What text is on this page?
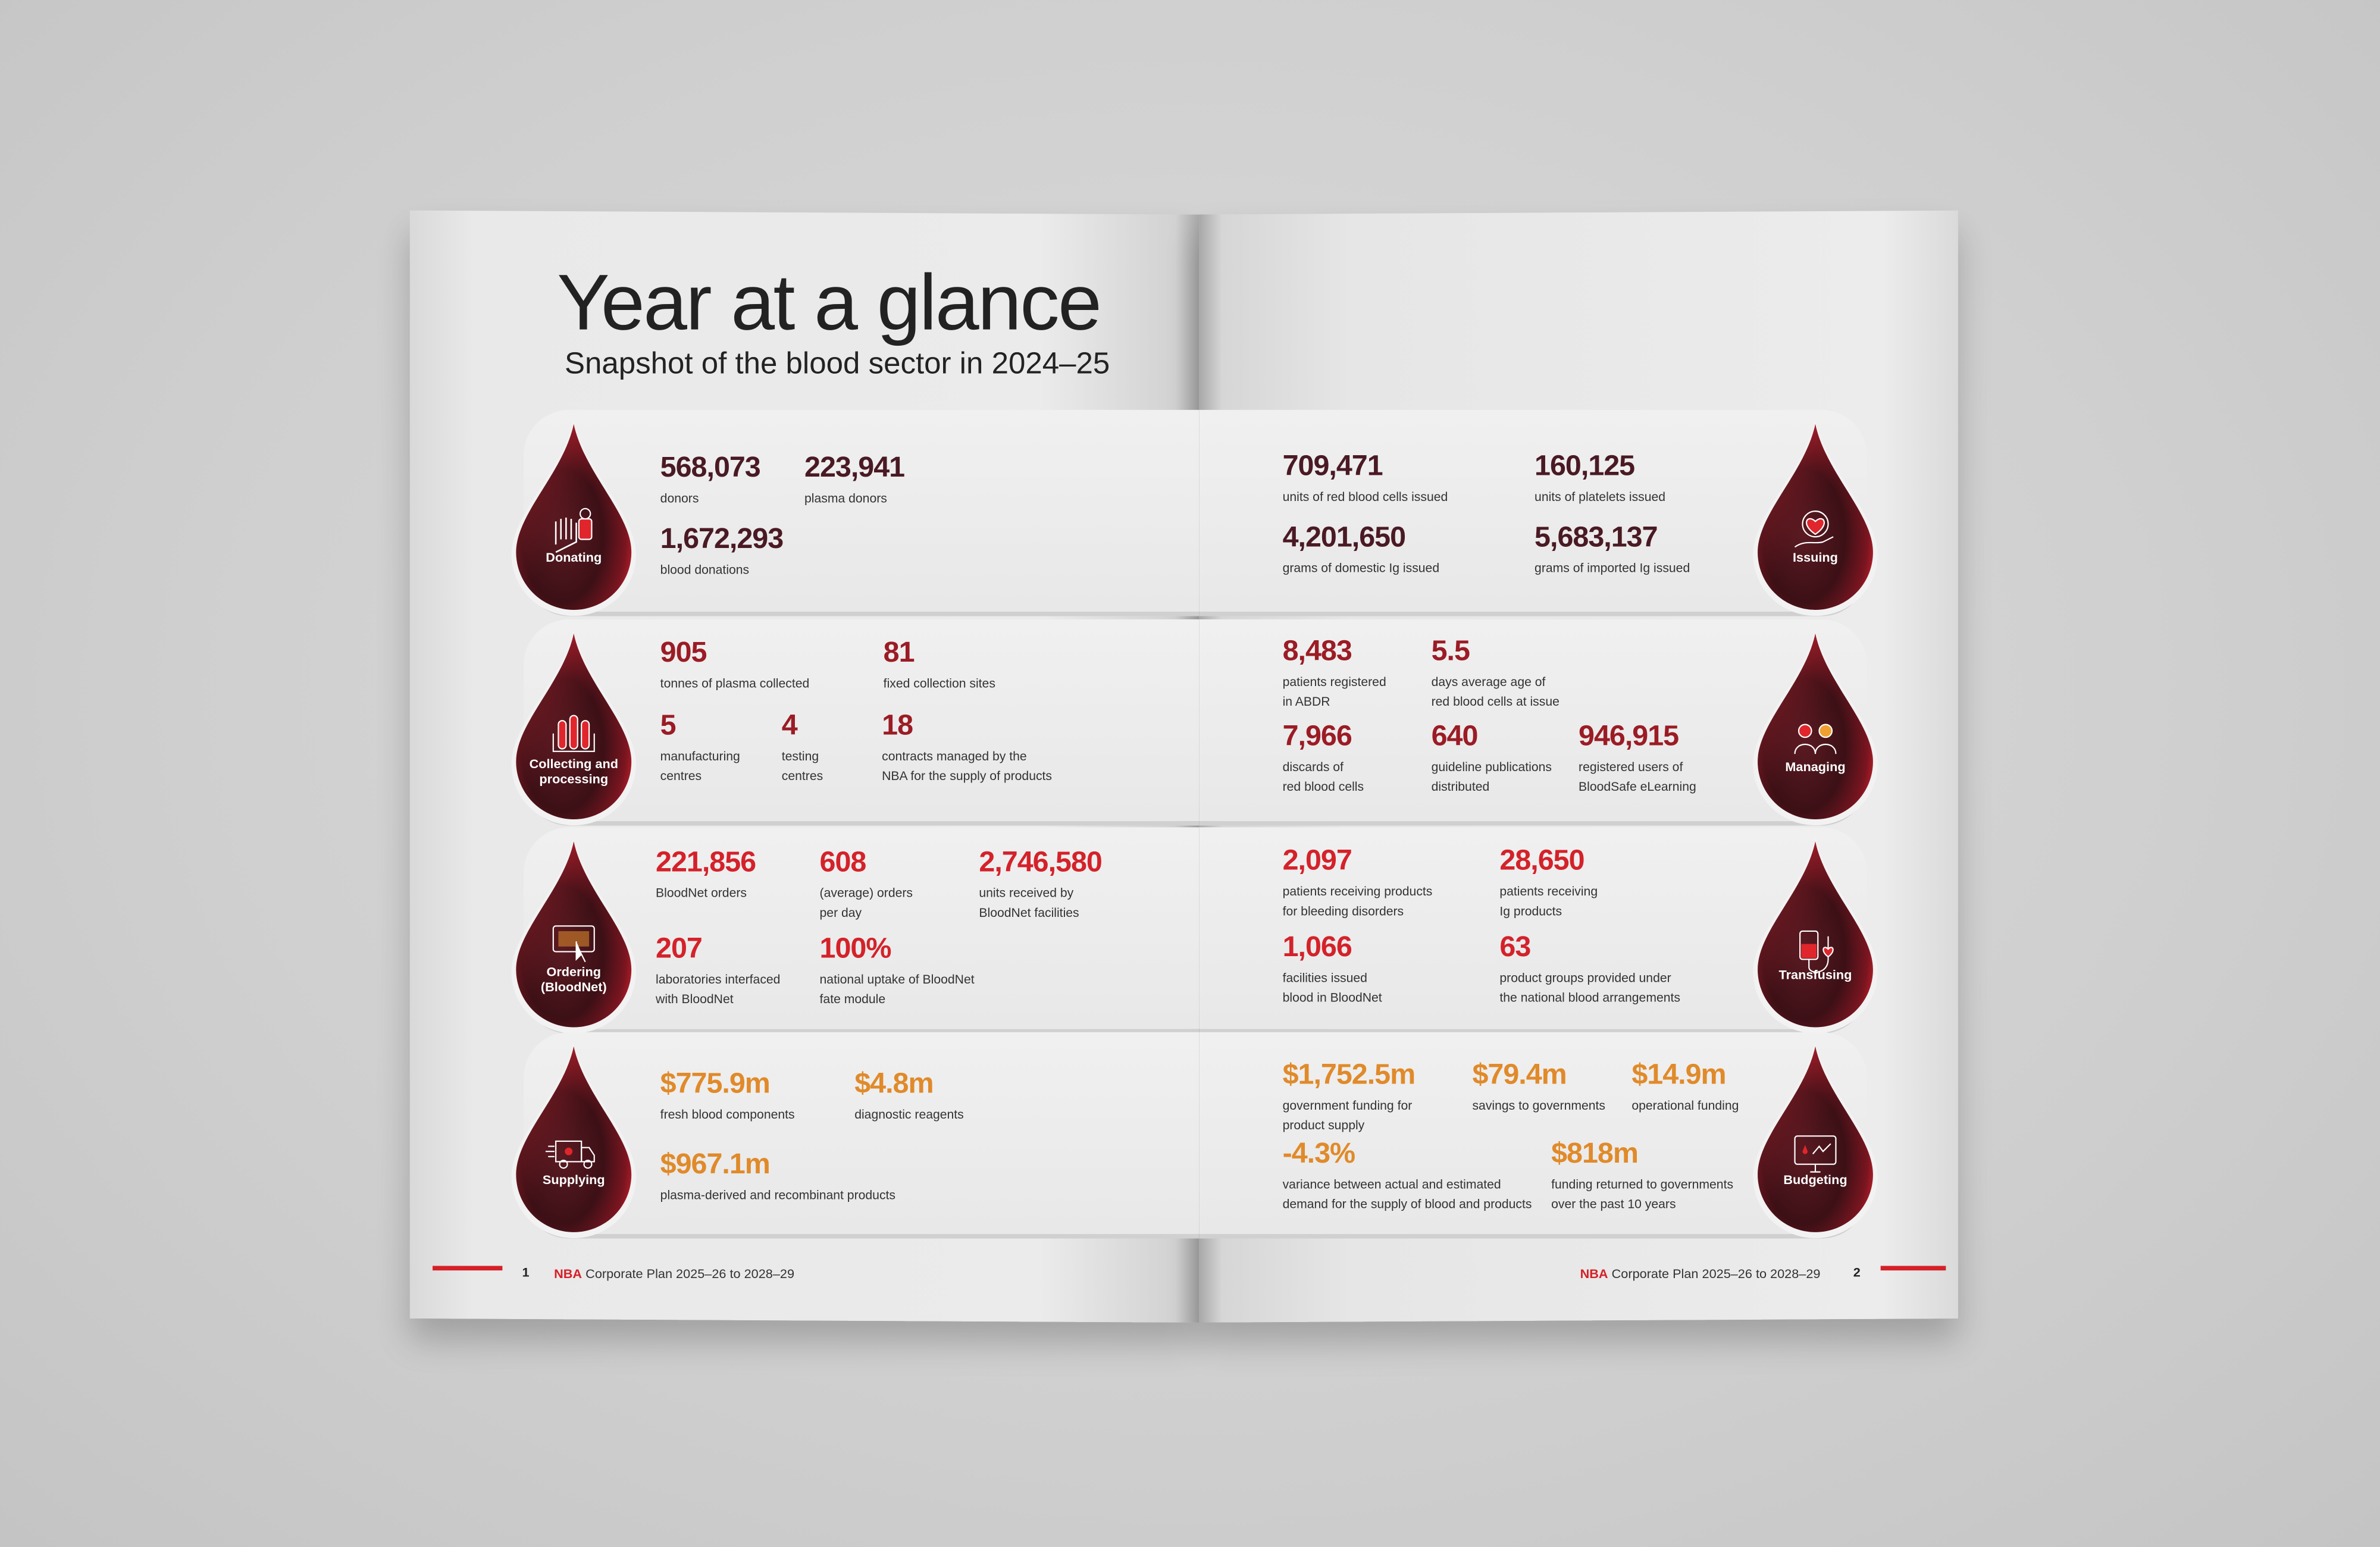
Year at a glance
Snapshot of the blood sector in 2024–25
Donating
568,073
donors
223,941
plasma donors
1,672,293
blood donations
Collecting and
processing
905
tonnes of plasma collected
81
fixed collection sites
5
manufacturing
centres
4
testing
centres
18
contracts managed by the
NBA for the supply of products
Ordering
(BloodNet)
221,856
BloodNet orders
608
(average) orders
per day
2,746,580
units received by
BloodNet facilities
207
laboratories interfaced
with BloodNet
100%
national uptake of BloodNet
fate module
Supplying
$775.9m
fresh blood components
$4.8m
diagnostic reagents
$967.1m
plasma-derived and recombinant products
Issuing
709,471
units of red blood cells issued
160,125
units of platelets issued
4,201,650
grams of domestic Ig issued
5,683,137
grams of imported Ig issued
Managing
8,483
patients registered
in ABDR
5.5
days average age of
red blood cells at issue
7,966
discards of
red blood cells
640
guideline publications
distributed
946,915
registered users of
BloodSafe eLearning
Transfusing
2,097
patients receiving products
for bleeding disorders
28,650
patients receiving
Ig products
1,066
facilities issued
blood in BloodNet
63
product groups provided under
the national blood arrangements
Budgeting
$1,752.5m
government funding for
product supply
$79.4m
savings to governments
$14.9m
operational funding
-4.3%
variance between actual and estimated
demand for the supply of blood and products
$818m
funding returned to governments
over the past 10 years
1	NBA Corporate Plan 2025–26 to 2028–29	NBA Corporate Plan 2025–26 to 2028–29	2
